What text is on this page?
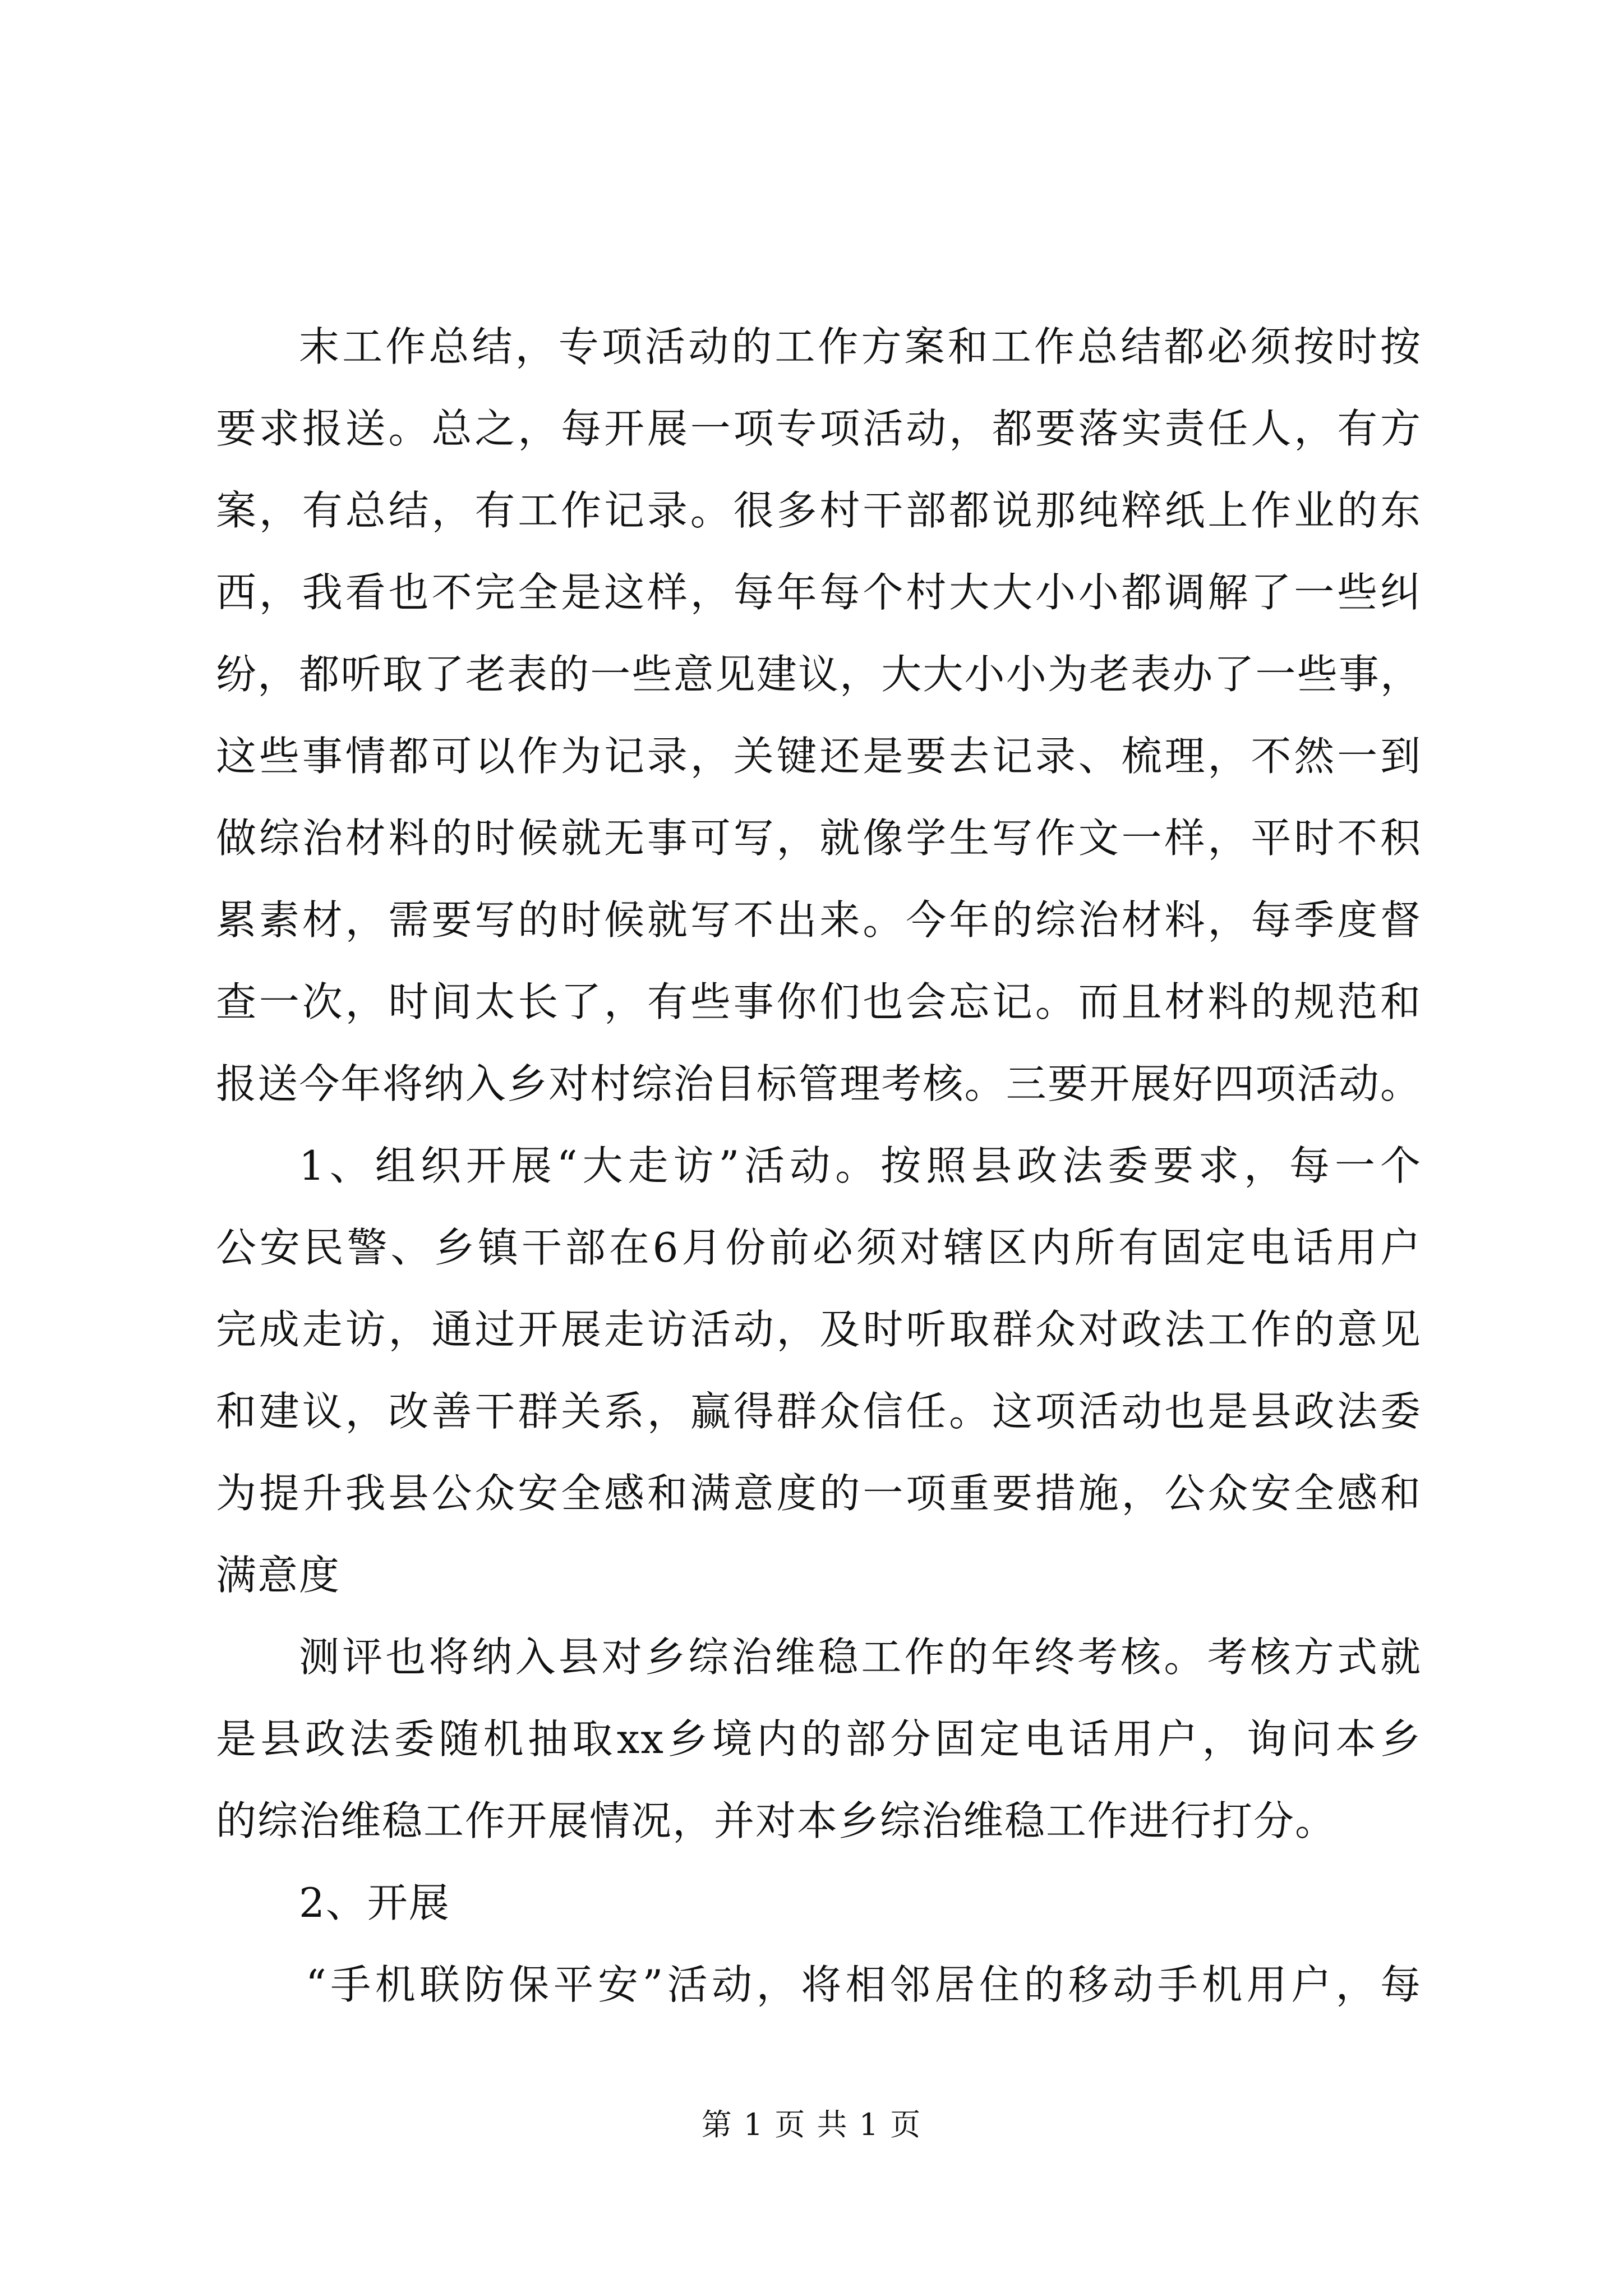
末工作总结，专项活动的工作方案和工作总结都必须按时按
要求报送。总之，每开展一项专项活动，都要落实责任人，有方
案，有总结，有工作记录。很多村干部都说那纯粹纸上作业的东
西，我看也不完全是这样，每年每个村大大小小都调解了一些纠
纷，都听取了老表的一些意见建议，大大小小为老表办了一些事，
这些事情都可以作为记录，关键还是要去记录、梳理，不然一到
做综治材料的时候就无事可写，就像学生写作文一样，平时不积
累素材，需要写的时候就写不出来。今年的综治材料，每季度督
查一次，时间太长了，有些事你们也会忘记。而且材料的规范和
报送今年将纳入乡对村综治目标管理考核。三要开展好四项活动。
1、组织开展“大走访”活动。按照县政法委要求，每一个
公安民警、乡镇干部在6月份前必须对辖区内所有固定电话用户
完成走访，通过开展走访活动，及时听取群众对政法工作的意见
和建议，改善干群关系，赢得群众信任。这项活动也是县政法委
为提升我县公众安全感和满意度的一项重要措施，公众安全感和
满意度
测评也将纳入县对乡综治维稳工作的年终考核。考核方式就
是县政法委随机抽取xx乡境内的部分固定电话用户，询问本乡
的综治维稳工作开展情况，并对本乡综治维稳工作进行打分。
2、开展
“手机联防保平安”活动，将相邻居住的移动手机用户，每
第 1 页 共 1 页
